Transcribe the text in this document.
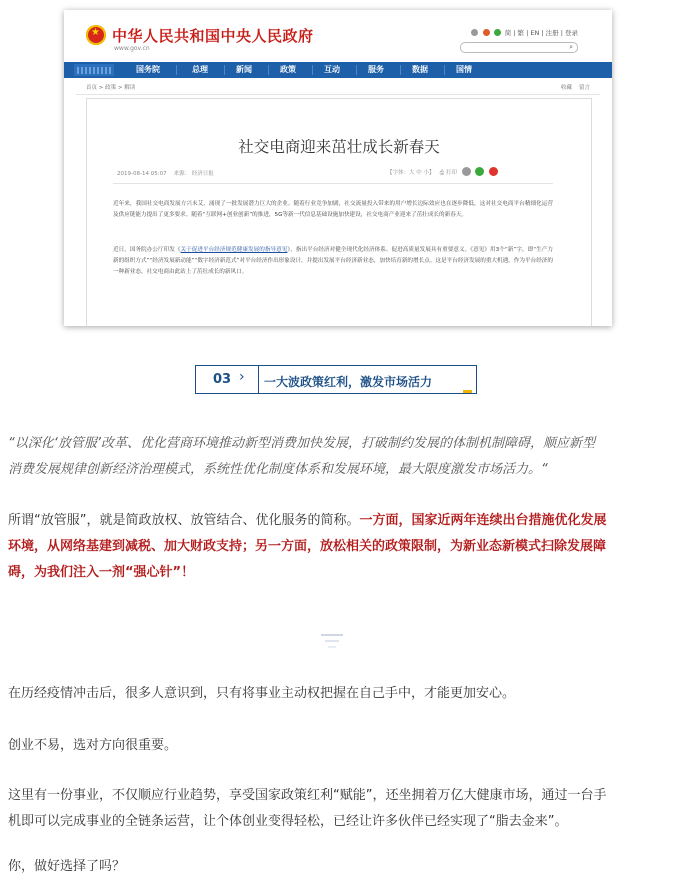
★
中华人民共和国中央人民政府
www.gov.cn
简 | 繁 | EN | 注册 | 登录
⌕
国务院	总理	新闻	政策	互动	服务	数据	国情
首页 > 政策 > 解读	收藏 留言
社交电商迎来茁壮成长新春天
2019-08-14 05:07 来源： 经济日报	【字体：大 中 小】 ⎙ 打印
近年来，我国社交电商发展方兴未艾，涌现了一批发展潜力巨大的企业。随着行业竞争加剧，社交流量投入带来的用户增长边际效应也在逐步降低，这对社交电商平台精细化运营及供应链能力提出了更多要求。随着“互联网+创业创新”的推进，5G等新一代信息基础设施加快建设，社交电商产业迎来了茁壮成长的新春天。
近日，国务院办公厅印发《关于促进平台经济规范健康发展的指导意见》，指出平台经济对健全现代化经济体系、促进高质量发展具有重要意义。《意见》用3个“新”字，即“生产力新的组织方式”“经济发展新动能”“数字经济新范式”对平台经济作出形象设计，并提出发展平台经济新业态，加快培育新的增长点。这是平台经济发展的重大机遇。作为平台经济的一种新业态，社交电商由此站上了茁壮成长的新风口。
03 › 一大波政策红利，激发市场活力
“以深化‘放管服’改革、优化营商环境推动新型消费加快发展，打破制约发展的体制机制障碍，顺应新型
消费发展规律创新经济治理模式，系统性优化制度体系和发展环境，最大限度激发市场活力。“
所谓“放管服”，就是简政放权、放管结合、优化服务的简称。一方面，国家近两年连续出台措施优化发展
环境，从网络基建到减税、加大财政支持；另一方面，放松相关的政策限制，为新业态新模式扫除发展障
碍，为我们注入一剂“强心针”！
在历经疫情冲击后，很多人意识到，只有将事业主动权把握在自己手中，才能更加安心。
创业不易，选对方向很重要。
这里有一份事业，不仅顺应行业趋势，享受国家政策红利“赋能”，还坐拥着万亿大健康市场，通过一台手
机即可以完成事业的全链条运营，让个体创业变得轻松，已经让许多伙伴已经实现了“脂去金来”。
你，做好选择了吗？
